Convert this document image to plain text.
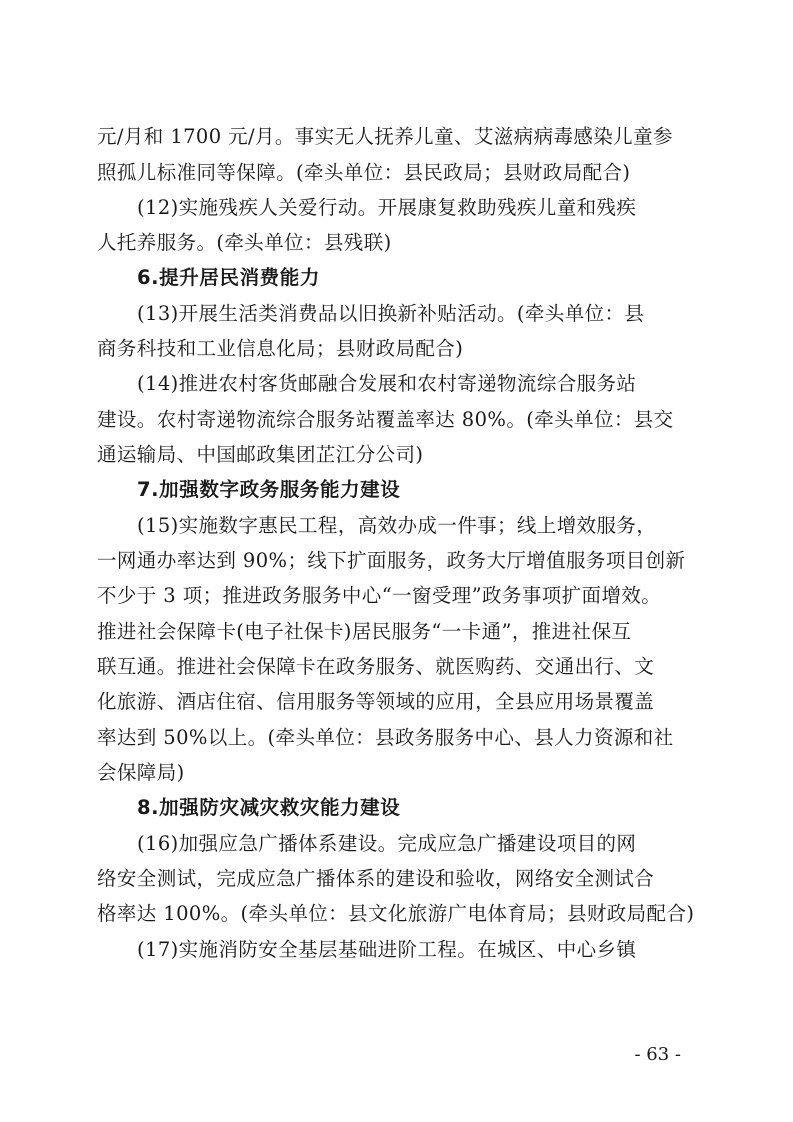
元/月和 1700 元/月。事实无人抚养儿童、艾滋病病毒感染儿童参
照孤儿标准同等保障。(牵头单位：县民政局；县财政局配合)
(12)实施残疾人关爱行动。开展康复救助残疾儿童和残疾
人托养服务。(牵头单位：县残联)
6.提升居民消费能力
(13)开展生活类消费品以旧换新补贴活动。(牵头单位：县
商务科技和工业信息化局；县财政局配合)
(14)推进农村客货邮融合发展和农村寄递物流综合服务站
建设。农村寄递物流综合服务站覆盖率达 80%。(牵头单位：县交
通运输局、中国邮政集团芷江分公司)
7.加强数字政务服务能力建设
(15)实施数字惠民工程，高效办成一件事；线上增效服务，
一网通办率达到 90%；线下扩面服务，政务大厅增值服务项目创新
不少于 3 项；推进政务服务中心“一窗受理”政务事项扩面增效。
推进社会保障卡(电子社保卡)居民服务“一卡通”，推进社保互
联互通。推进社会保障卡在政务服务、就医购药、交通出行、文
化旅游、酒店住宿、信用服务等领域的应用，全县应用场景覆盖
率达到 50%以上。(牵头单位：县政务服务中心、县人力资源和社
会保障局)
8.加强防灾减灾救灾能力建设
(16)加强应急广播体系建设。完成应急广播建设项目的网
络安全测试，完成应急广播体系的建设和验收，网络安全测试合
格率达 100%。(牵头单位：县文化旅游广电体育局；县财政局配合)
(17)实施消防安全基层基础进阶工程。在城区、中心乡镇
- 63 -
